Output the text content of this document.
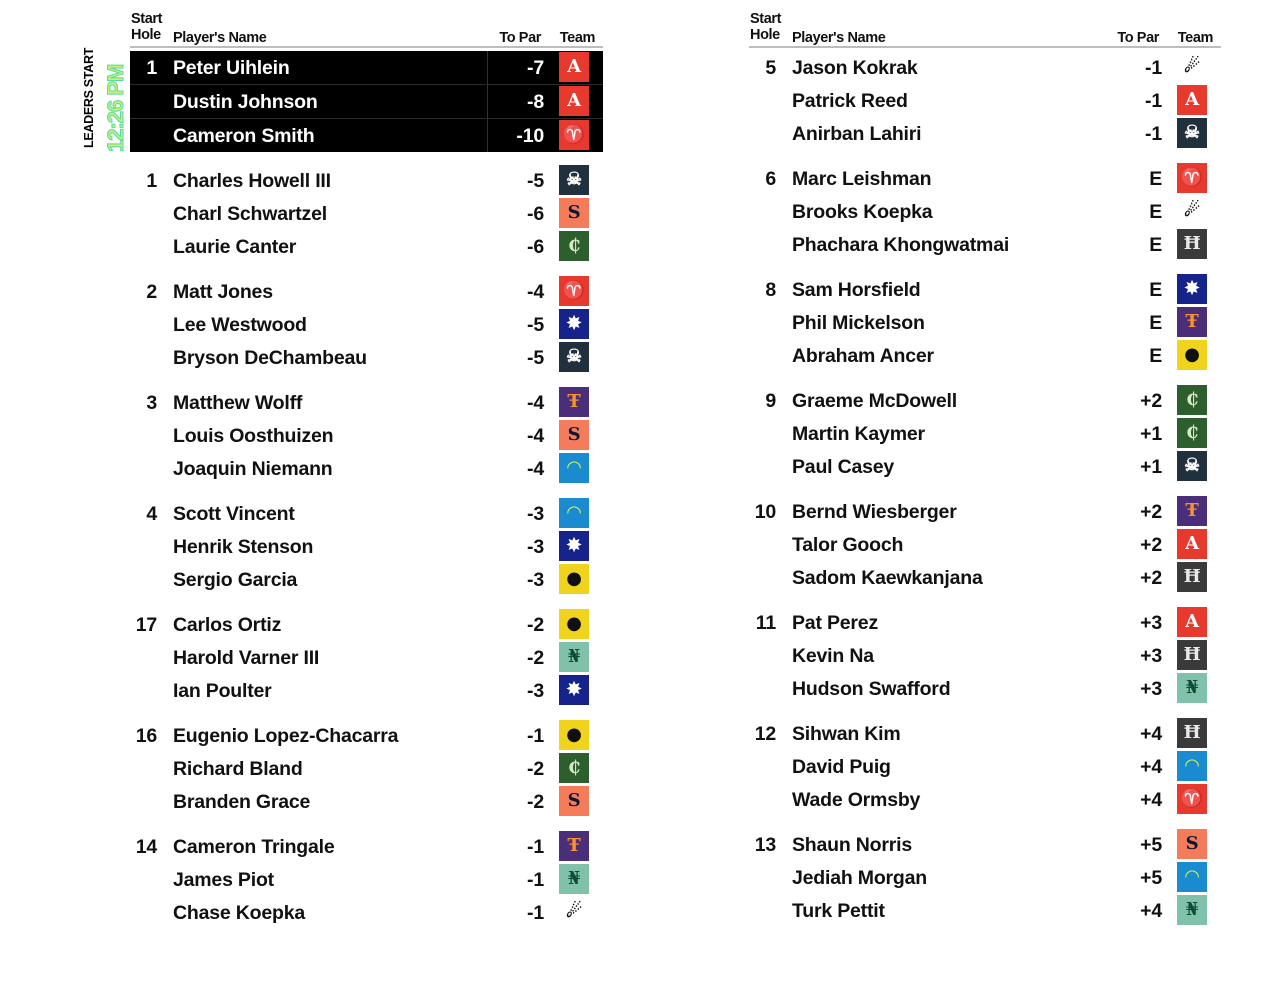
LEADERS START 12:26 PM
Start
Hole Player's Name	To Par Team
1 Peter Uihlein	-7	A
Dustin Johnson	-8	A
Cameron Smith	-10 ♈
1 Charles Howell III	-5	☠
Charl Schwartzel	-6	S
Laurie Canter	-6	₵
2 Matt Jones	-4 ♈
Lee Westwood	-5	✸
Bryson DeChambeau	-5	☠
3 Matthew Wolff	-4	Ŧ
Louis Oosthuizen	-4	S
Joaquin Niemann	-4	◠
4 Scott Vincent	-3	◠
Henrik Stenson	-3	✸
Sergio Garcia	-3	●
17 Carlos Ortiz	-2	●
Harold Varner III	-2	₦
Ian Poulter	-3	✸
16 Eugenio Lopez-Chacarra	-1	●
Richard Bland	-2	₵
Branden Grace	-2	S
14 Cameron Tringale	-1	Ŧ
James Piot	-1	₦
Chase Koepka	-1	☄
Start
Hole Player's Name	To Par Team
5 Jason Kokrak	-1	☄
Patrick Reed	-1	A
Anirban Lahiri	-1	☠
6 Marc Leishman	E ♈
Brooks Koepka	E	☄
Phachara Khongwatmai	E	Ħ
8 Sam Horsfield	E	✸
Phil Mickelson	E	Ŧ
Abraham Ancer	E	●
9 Graeme McDowell	+2	₵
Martin Kaymer	+1	₵
Paul Casey	+1	☠
10 Bernd Wiesberger	+2	Ŧ
Talor Gooch	+2	A
Sadom Kaewkanjana	+2	Ħ
11 Pat Perez	+3	A
Kevin Na	+3	Ħ
Hudson Swafford	+3	₦
12 Sihwan Kim	+4	Ħ
David Puig	+4	◠
Wade Ormsby	+4 ♈
13 Shaun Norris	+5	S
Jediah Morgan	+5	◠
Turk Pettit	+4	₦
